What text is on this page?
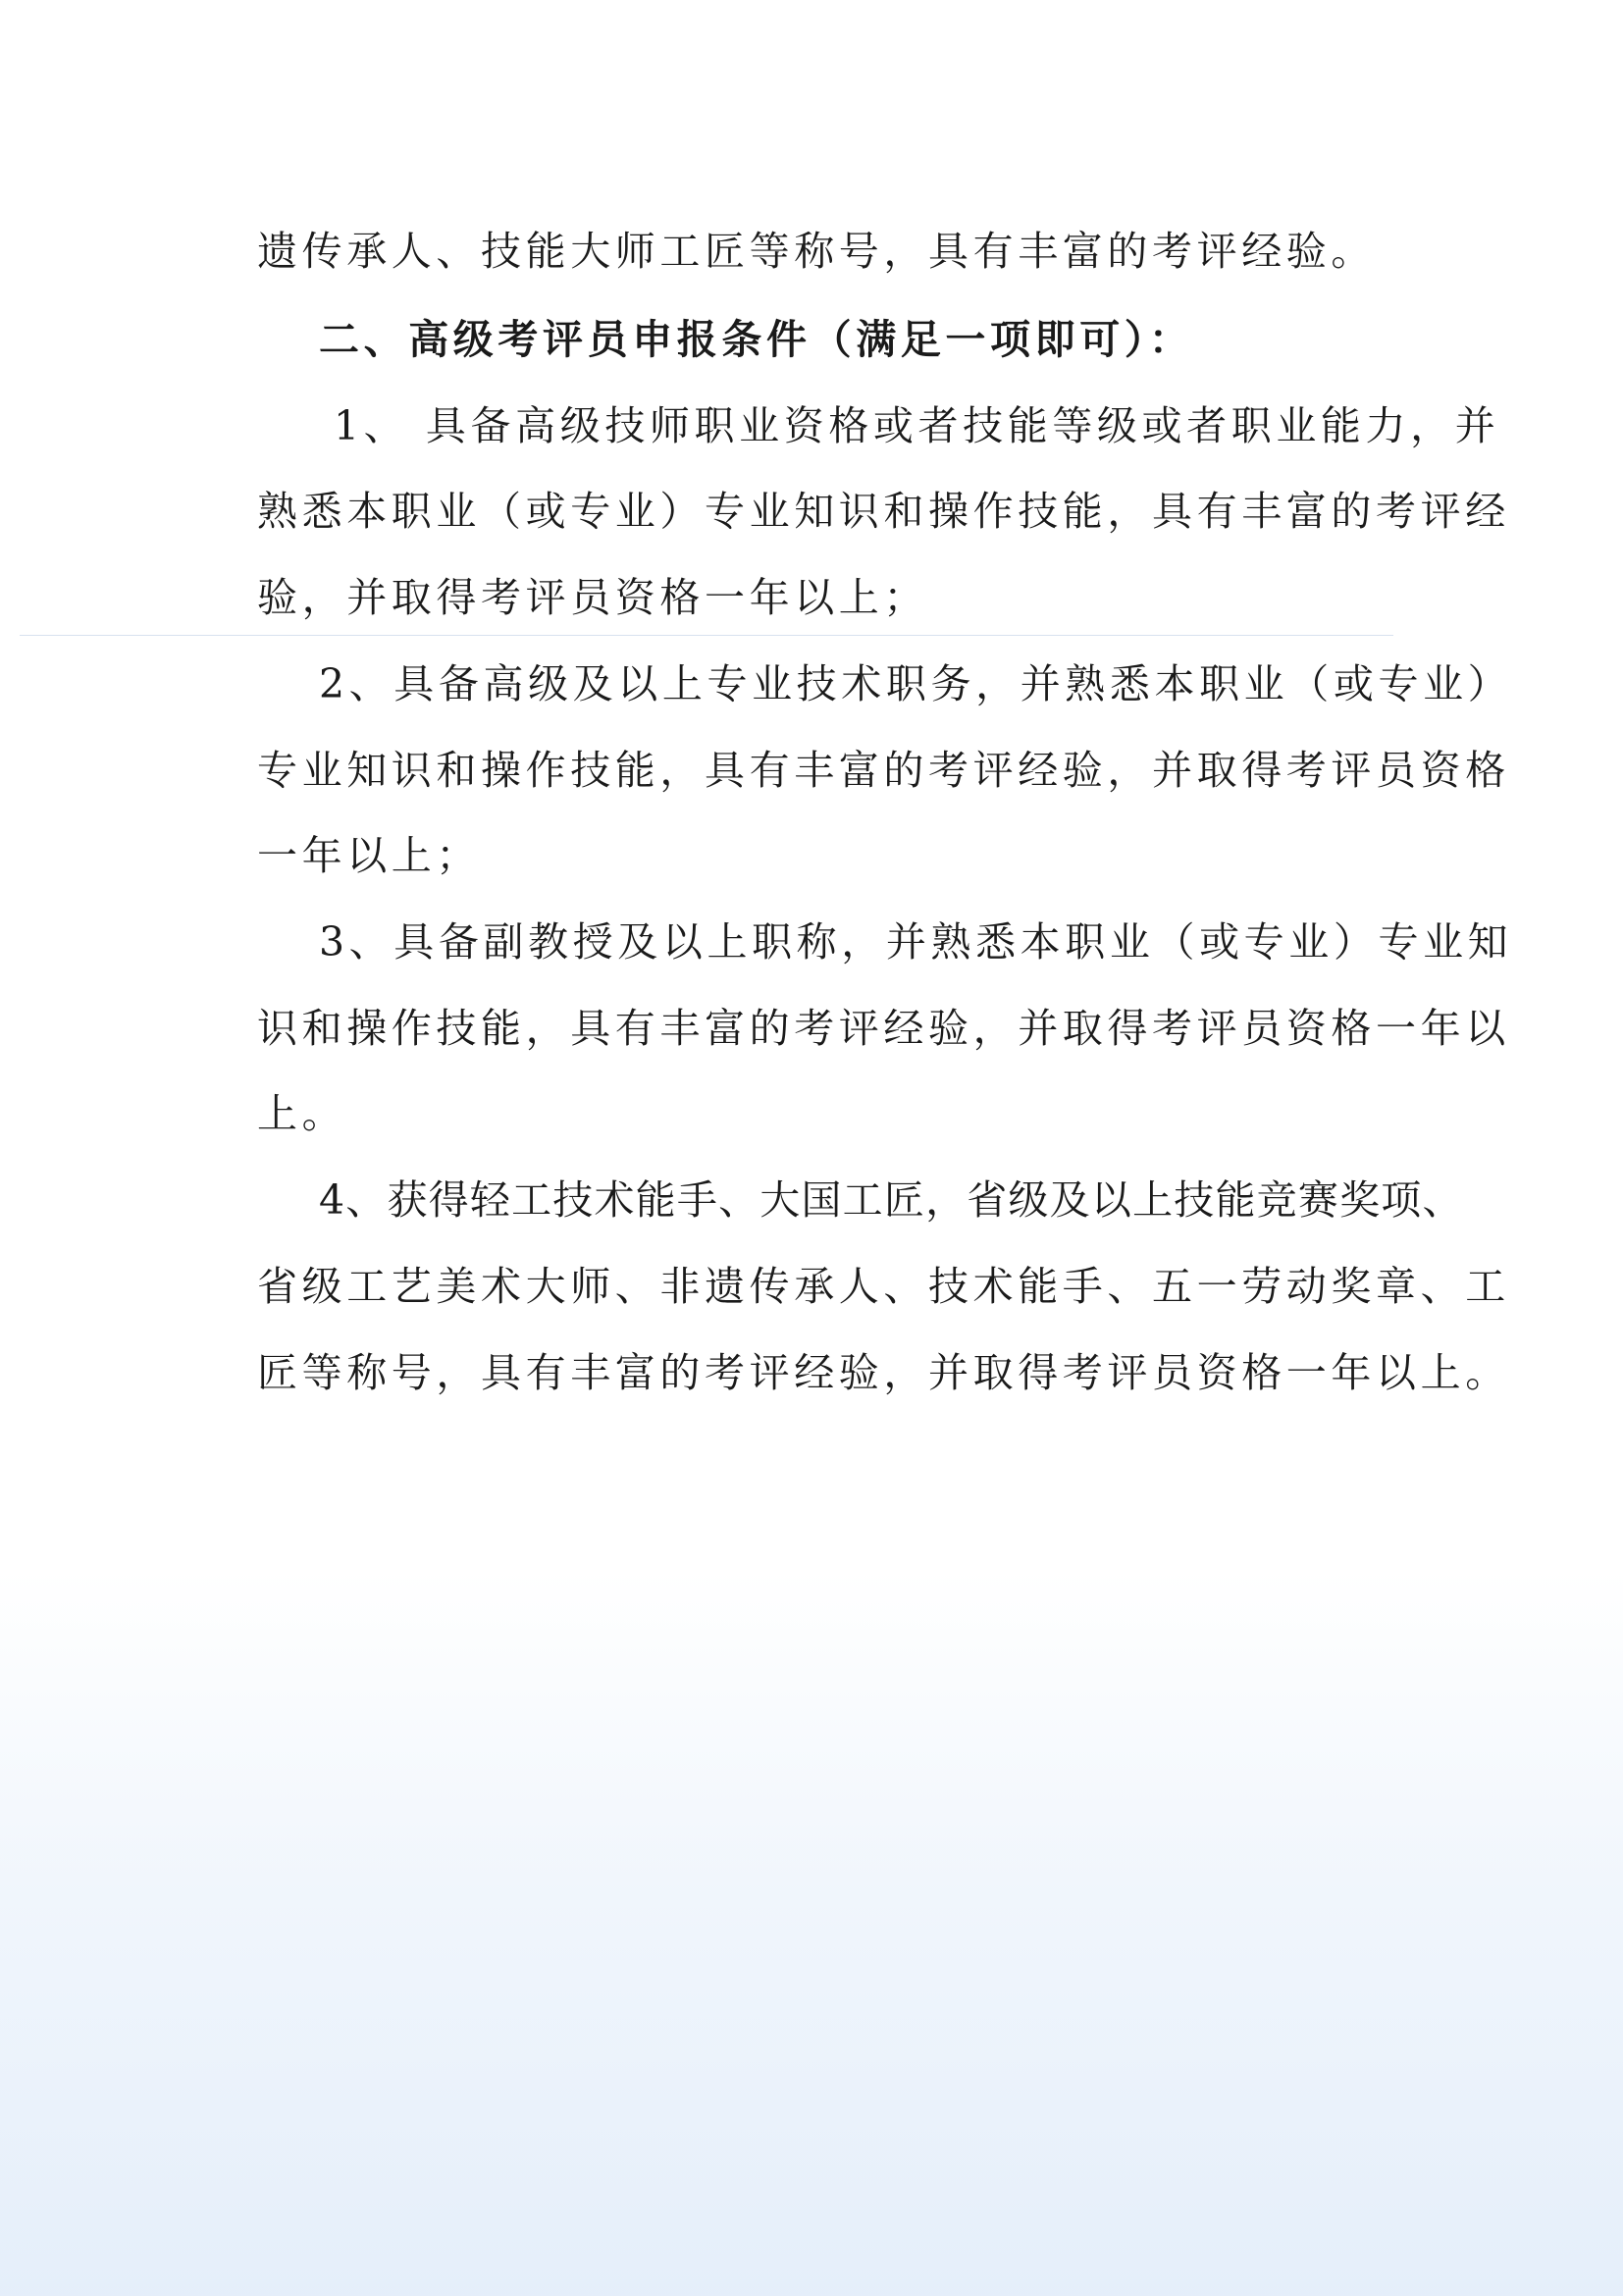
遗传承人、技能大师工匠等称号，具有丰富的考评经验。
二、高级考评员申报条件（满足一项即可）：
1、 具备高级技师职业资格或者技能等级或者职业能力，并
熟悉本职业（或专业）专业知识和操作技能，具有丰富的考评经
验，并取得考评员资格一年以上；
2、具备高级及以上专业技术职务，并熟悉本职业（或专业）
专业知识和操作技能，具有丰富的考评经验，并取得考评员资格
一年以上；
3、具备副教授及以上职称，并熟悉本职业（或专业）专业知
识和操作技能，具有丰富的考评经验，并取得考评员资格一年以
上。
4、获得轻工技术能手、大国工匠，省级及以上技能竞赛奖项、
省级工艺美术大师、非遗传承人、技术能手、五一劳动奖章、工
匠等称号，具有丰富的考评经验，并取得考评员资格一年以上。
